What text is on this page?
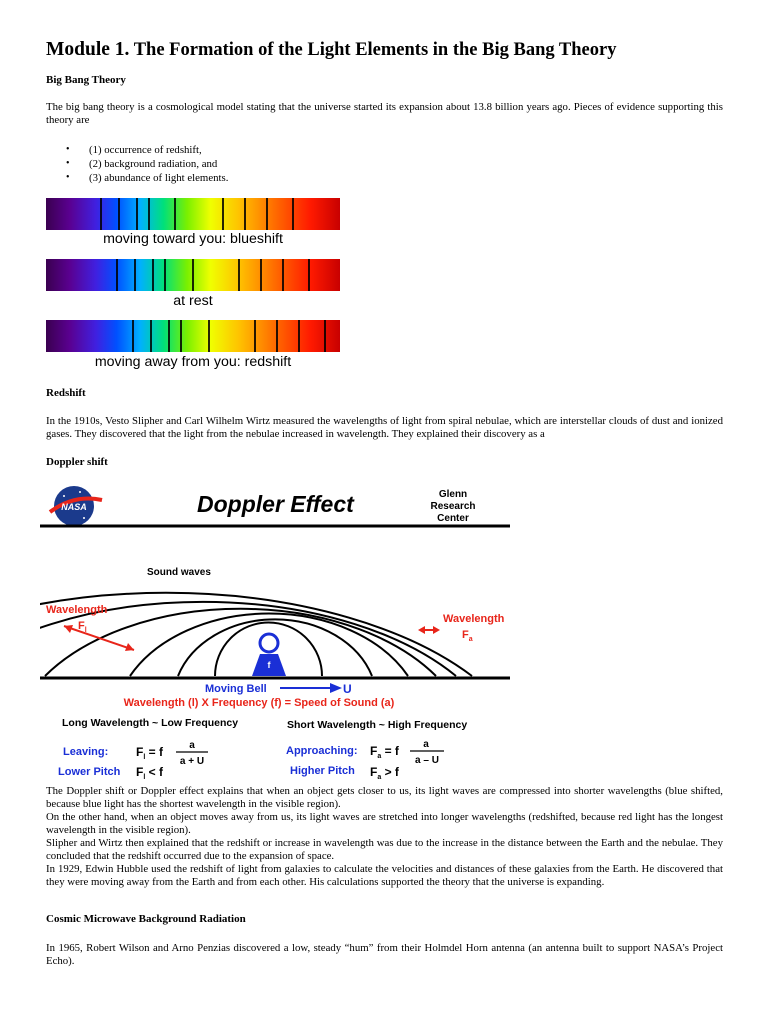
Module 1. The Formation of the Light Elements in the Big Bang Theory

Big Bang Theory

The big bang theory is a cosmological model stating that the universe started its expansion about 13.8 billion years ago. Pieces of evidence supporting this theory are

• (1) occurrence of redshift,
• (2) background radiation, and
• (3) abundance of light elements.
moving toward you: blueshift
at rest
moving away from you: redshift

Redshift

In the 1910s, Vesto Slipher and Carl Wilhelm Wirtz measured the wavelengths of light from spiral nebulae, which are interstellar clouds of dust and ionized gases. They discovered that the light from the nebulae increased in wavelength. They explained their discovery as a

Doppler shift

NASA	Doppler Effect	Glenn
Research
Center
Sound waves
Wavelength
$F_l$
Wavelength
$F_a$
f
Moving Bell	U
Wavelength (l) X Frequency (f) = Speed of Sound (a)
Long Wavelength ~ Low Frequency	Short Wavelength ~ High Frequency
Leaving: $F_l = f$	a
a + U
Lower Pitch $F_l < f$
Approaching: $F_a = f$ a
a – U
Higher Pitch $F_a > f$

The Doppler shift or Doppler effect explains that when an object gets closer to us, its light waves are compressed into shorter wavelengths (blue shifted, because blue light has the shortest wavelength in the visible region).

On the other hand, when an object moves away from us, its light waves are stretched into longer wavelengths (redshifted, because red light has the longest wavelength in the visible region).

Slipher and Wirtz then explained that the redshift or increase in wavelength was due to the increase in the distance between the Earth and the nebulae. They concluded that the redshift occurred due to the expansion of space.

In 1929, Edwin Hubble used the redshift of light from galaxies to calculate the velocities and distances of these galaxies from the Earth. He discovered that they were moving away from the Earth and from each other. His calculations supported the theory that the universe is expanding.

Cosmic Microwave Background Radiation

In 1965, Robert Wilson and Arno Penzias discovered a low, steady “hum” from their Holmdel Horn antenna (an antenna built to support NASA’s Project Echo).
